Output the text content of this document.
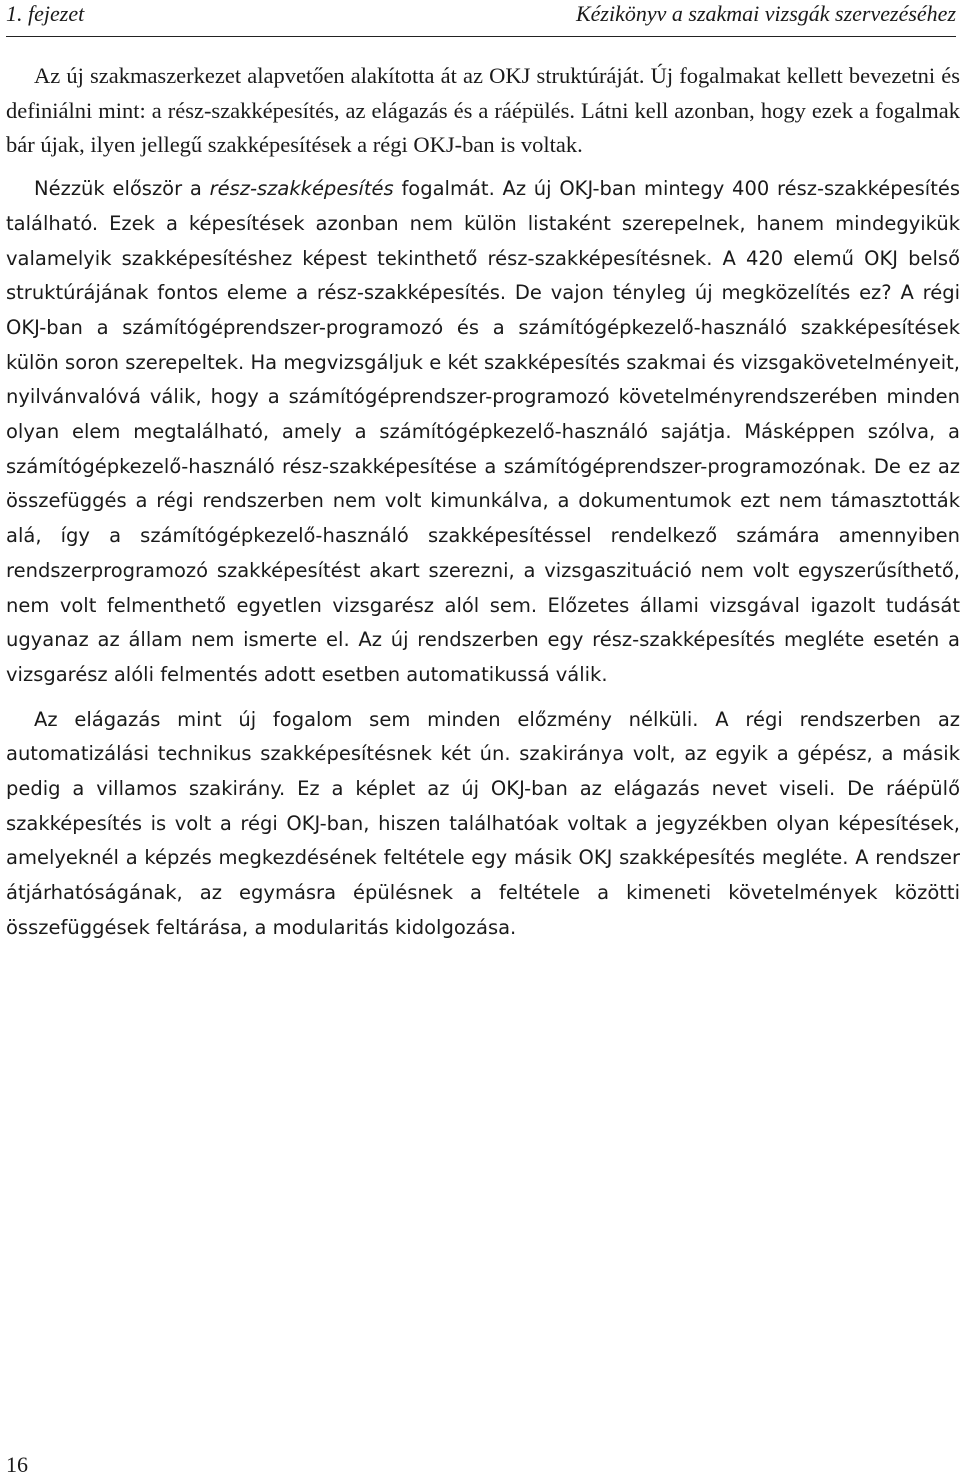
1. fejezet	Kézikönyv a szakmai vizsgák szervezéséhez

Az új szakmaszerkezet alapvetően alakította át az OKJ struktúráját. Új fogalmakat kellett bevezetni és definiálni mint: a rész-szakképesítés, az elágazás és a ráépülés. Látni kell azonban, hogy ezek a fogalmak bár újak, ilyen jellegű szakképesítések a régi OKJ-ban is voltak.

Nézzük először a rész-szakképesítés fogalmát. Az új OKJ-ban mintegy 400 rész-szakképesítés található. Ezek a képesítések azonban nem külön listaként szerepelnek, hanem mindegyikük valamelyik szakképesítéshez képest tekinthető rész-szakképesítésnek. A 420 elemű OKJ belső struktúrájának fontos eleme a rész-szakképesítés. De vajon tényleg új megközelítés ez? A régi OKJ-ban a számítógéprendszer-programozó és a számítógépkezelő-használó szakképesítések külön soron szerepeltek. Ha megvizsgáljuk e két szakképesítés szakmai és vizsgakövetelményeit, nyilvánvalóvá válik, hogy a számítógéprendszer-programozó követelményrendszerében minden olyan elem megtalálható, amely a számítógépkezelő-használó sajátja. Másképpen szólva, a számítógépkezelő-használó rész-szakképesítése a számítógéprendszer-programozónak. De ez az összefüggés a régi rendszerben nem volt kimunkálva, a dokumentumok ezt nem támasztották alá, így a számítógépkezelő-használó szakképesítéssel rendelkező számára amennyiben rendszerprogramozó szakképesítést akart szerezni, a vizsgaszituáció nem volt egyszerűsíthető, nem volt felmenthető egyetlen vizsgarész alól sem. Előzetes állami vizsgával igazolt tudását ugyanaz az állam nem ismerte el. Az új rendszerben egy rész-szakképesítés megléte esetén a vizsgarész alóli felmentés adott esetben automatikussá válik.

Az elágazás mint új fogalom sem minden előzmény nélküli. A régi rendszerben az automatizálási technikus szakképesítésnek két ún. szakiránya volt, az egyik a gépész, a másik pedig a villamos szakirány. Ez a képlet az új OKJ-ban az elágazás nevet viseli. De ráépülő szakképesítés is volt a régi OKJ-ban, hiszen találhatóak voltak a jegyzékben olyan képesítések, amelyeknél a képzés megkezdésének feltétele egy másik OKJ szakképesítés megléte. A rendszer átjárhatóságának, az egymásra épülésnek a feltétele a kimeneti követelmények közötti összefüggések feltárása, a modularitás kidolgozása.

16
